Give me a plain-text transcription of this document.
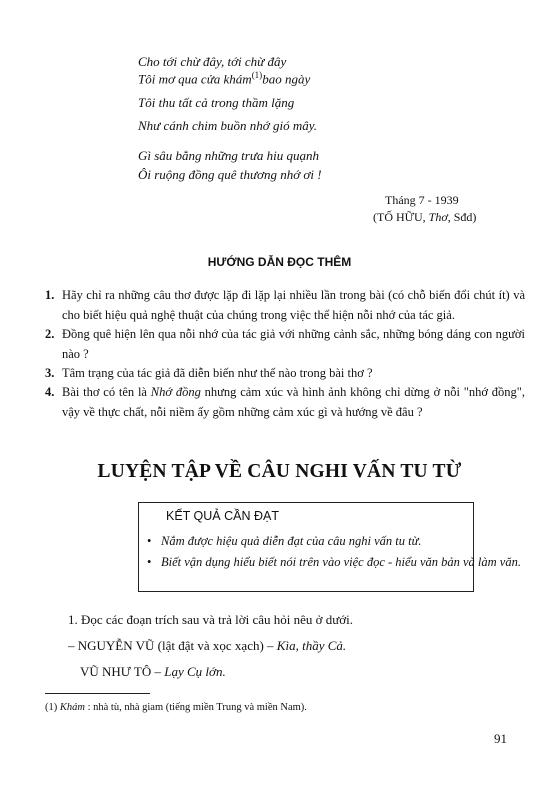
Cho tới chừ đây, tới chừ đây
Tôi mơ qua cửa khám$^{(1)}$bao ngày
Tôi thu tất cả trong thầm lặng
Như cánh chim buồn nhớ gió mây.
Gì sâu bằng những trưa hiu quạnh
Ôi ruộng đồng quê thương nhớ ơi !
Tháng 7 - 1939
(TỐ HỮU, Thơ, Sđd)
HƯỚNG DẪN ĐỌC THÊM
1. Hãy chỉ ra những câu thơ được lặp đi lặp lại nhiều lần trong bài (có chỗ biến đổi chút ít) và cho biết hiệu quả nghệ thuật của chúng trong việc thể hiện nỗi nhớ của tác giả.
2. Đồng quê hiện lên qua nỗi nhớ của tác giả với những cảnh sắc, những bóng dáng con người nào ?
3. Tâm trạng của tác giả đã diễn biến như thế nào trong bài thơ ?
4. Bài thơ có tên là Nhớ đồng nhưng cảm xúc và hình ảnh không chỉ dừng ở nỗi "nhớ đồng", vậy về thực chất, nỗi niềm ấy gồm những cảm xúc gì và hướng về đâu ?
LUYỆN TẬP VỀ CÂU NGHI VẤN TU TỪ
KẾT QUẢ CẦN ĐẠT
• Nắm được hiệu quả diễn đạt của câu nghi vấn tu từ.
• Biết vận dụng hiểu biết nói trên vào việc đọc - hiểu văn bản và làm văn.
1. Đọc các đoạn trích sau và trả lời câu hỏi nêu ở dưới.
– NGUYỄN VŨ (lật đật và xọc xạch) – Kìa, thầy Cả.
VŨ NHƯ TÔ – Lạy Cụ lớn.
(1) Khám : nhà tù, nhà giam (tiếng miền Trung và miền Nam).
91
